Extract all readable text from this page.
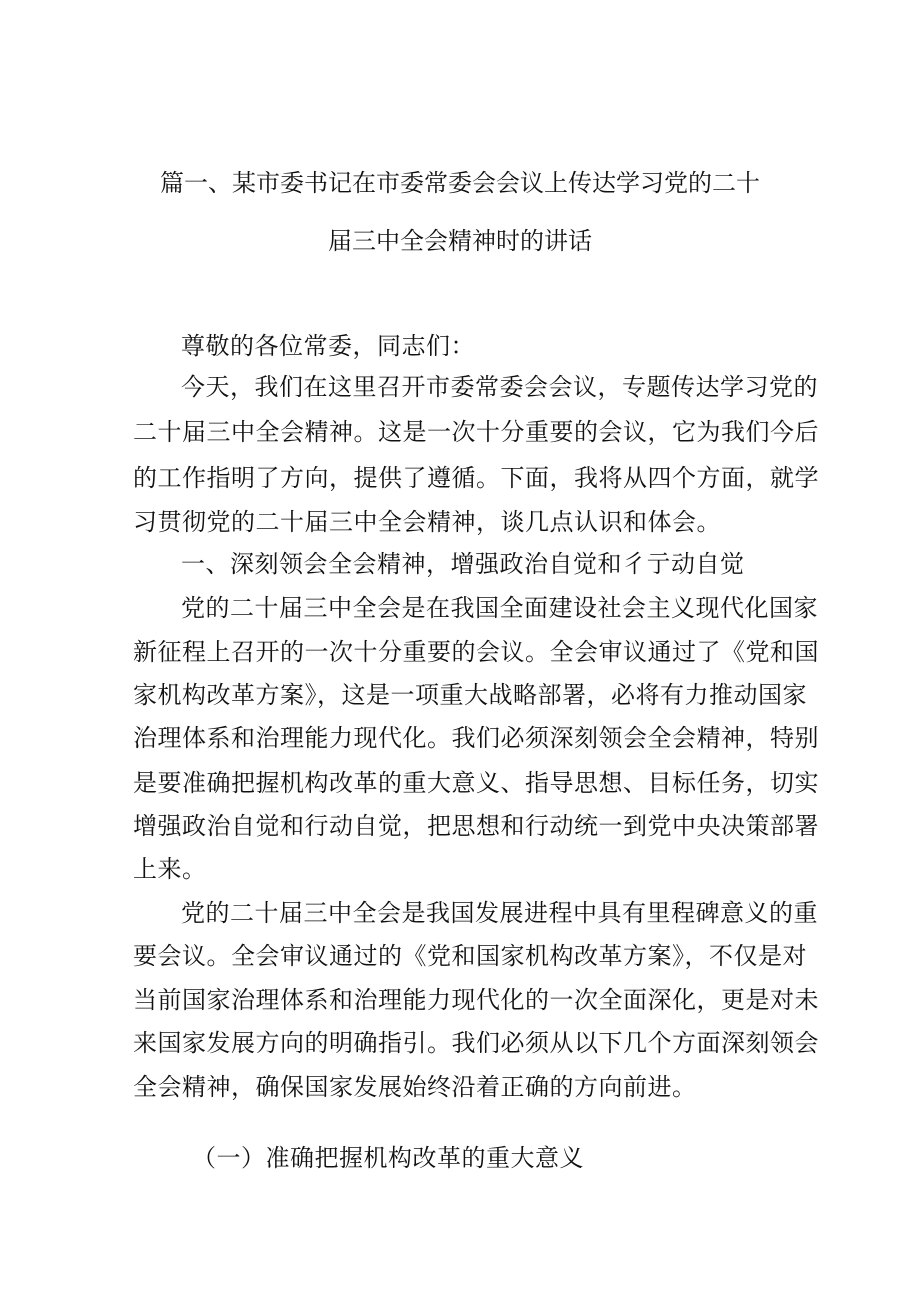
篇一、某市委书记在市委常委会会议上传达学习党的二十
届三中全会精神时的讲话
尊敬的各位常委，同志们：
今天，我们在这里召开市委常委会会议，专题传达学习党的
二十届三中全会精神。这是一次十分重要的会议，它为我们今后
的工作指明了方向，提供了遵循。下面，我将从四个方面，就学
习贯彻党的二十届三中全会精神，谈几点认识和体会。
一、深刻领会全会精神，增强政治自觉和彳亍动自觉
党的二十届三中全会是在我国全面建设社会主义现代化国家
新征程上召开的一次十分重要的会议。全会审议通过了《党和国
家机构改革方案》，这是一项重大战略部署，必将有力推动国家
治理体系和治理能力现代化。我们必须深刻领会全会精神，特别
是要准确把握机构改革的重大意义、指导思想、目标任务，切实
增强政治自觉和行动自觉，把思想和行动统一到党中央决策部署
上来。
党的二十届三中全会是我国发展进程中具有里程碑意义的重
要会议。全会审议通过的《党和国家机构改革方案》，不仅是对
当前国家治理体系和治理能力现代化的一次全面深化，更是对未
来国家发展方向的明确指引。我们必须从以下几个方面深刻领会
全会精神，确保国家发展始终沿着正确的方向前进。
（一）准确把握机构改革的重大意义
